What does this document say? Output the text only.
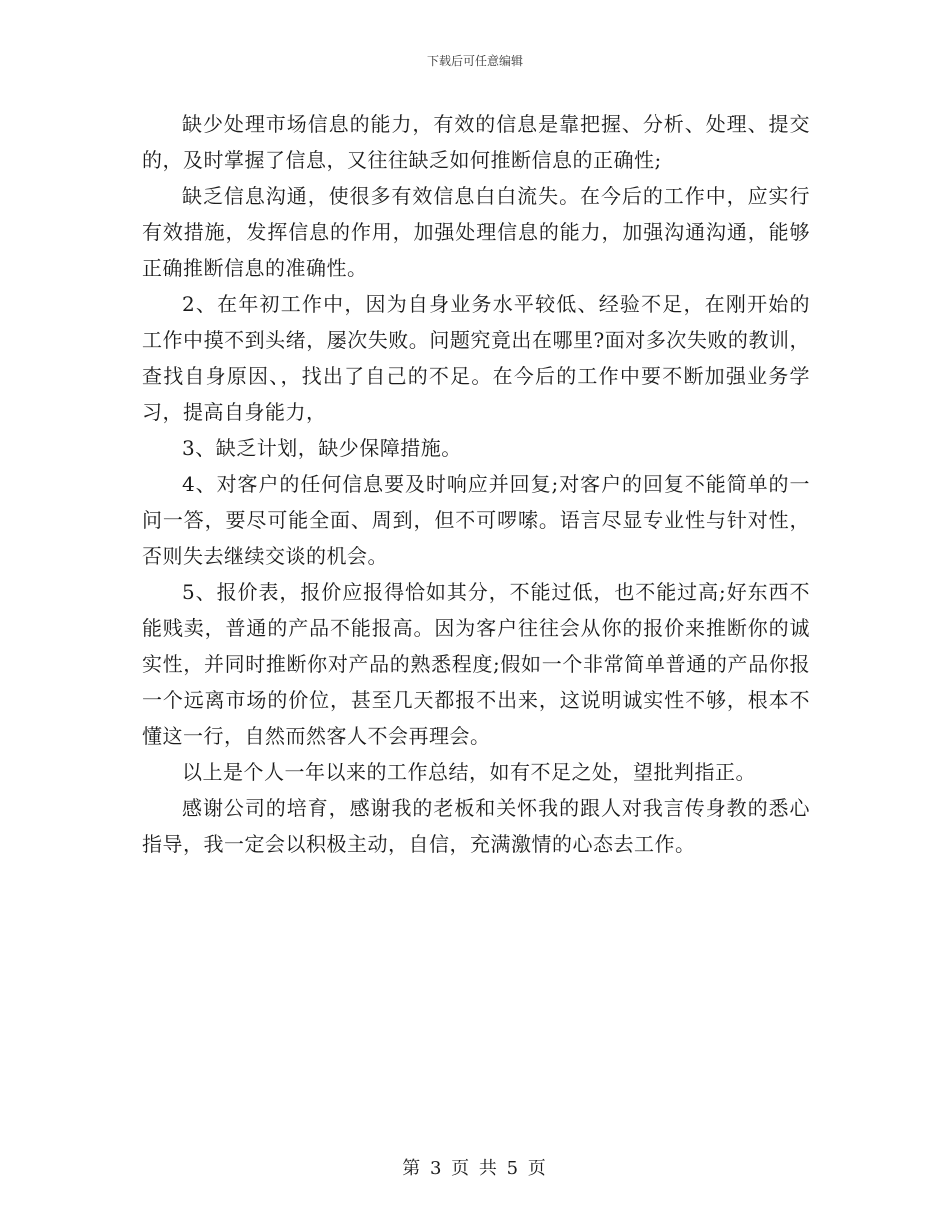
下载后可任意编辑

缺少处理市场信息的能力，有效的信息是靠把握、分析、处理、提交的，及时掌握了信息，又往往缺乏如何推断信息的正确性;

缺乏信息沟通，使很多有效信息白白流失。在今后的工作中，应实行有效措施，发挥信息的作用，加强处理信息的能力，加强沟通沟通，能够正确推断信息的准确性。

2、在年初工作中，因为自身业务水平较低、经验不足，在刚开始的工作中摸不到头绪，屡次失败。问题究竟出在哪里?面对多次失败的教训，查找自身原因、，找出了自己的不足。在今后的工作中要不断加强业务学习，提高自身能力，

3、缺乏计划，缺少保障措施。

4、对客户的任何信息要及时响应并回复;对客户的回复不能简单的一问一答，要尽可能全面、周到，但不可啰嗦。语言尽显专业性与针对性，否则失去继续交谈的机会。

5、报价表，报价应报得恰如其分，不能过低，也不能过高;好东西不能贱卖，普通的产品不能报高。因为客户往往会从你的报价来推断你的诚实性，并同时推断你对产品的熟悉程度;假如一个非常简单普通的产品你报一个远离市场的价位，甚至几天都报不出来，这说明诚实性不够，根本不懂这一行，自然而然客人不会再理会。

以上是个人一年以来的工作总结，如有不足之处，望批判指正。

感谢公司的培育，感谢我的老板和关怀我的跟人对我言传身教的悉心指导，我一定会以积极主动，自信，充满激情的心态去工作。

第 3 页 共 5 页
